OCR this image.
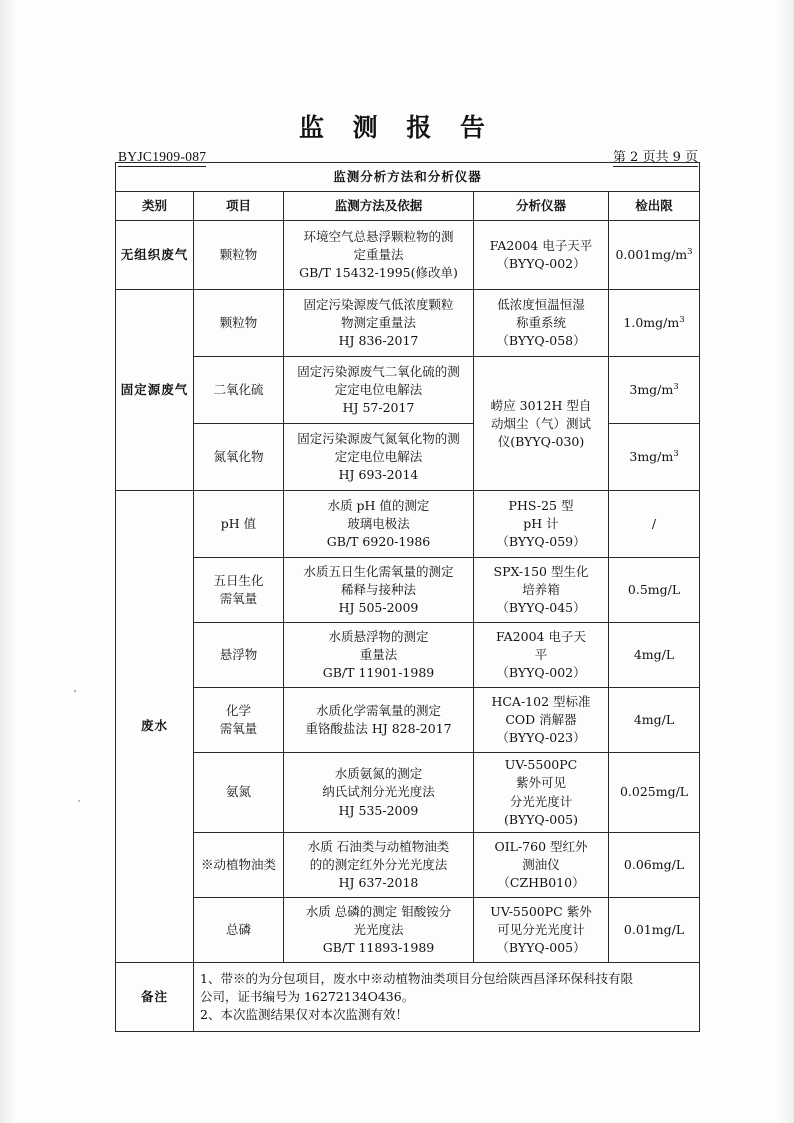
监 测 报 告
BYJC1909-087	第 2 页共 9 页
监测分析方法和分析仪器				
类别	项目	监测方法及依据	分析仪器	检出限

无组织废气	颗粒物	环境空气总悬浮颗粒物的测
定重量法
GB/T 15432-1995(修改单)	FA2004 电子天平
（BYYQ-002）	$0.001mg/m^3$

固定源废气	颗粒物	固定污染源废气低浓度颗粒
物测定重量法
HJ 836-2017	低浓度恒温恒湿
称重系统
（BYYQ-058）	$1.0mg/m^3$

	二氧化硫	固定污染源废气二氧化硫的测
定定电位电解法
HJ 57-2017	崂应 3012H 型自
动烟尘（气）测试
仪(BYYQ-030)	$3mg/m^3$

	氮氧化物	固定污染源废气氮氧化物的测
定定电位电解法
HJ 693-2014		$3mg/m^3$

废水	pH 值	水质 pH 值的测定
玻璃电极法
GB/T 6920-1986	PHS-25 型
pH 计
（BYYQ-059）	/

	五日生化
需氧量	水质五日生化需氧量的测定
稀释与接种法
HJ 505-2009	SPX-150 型生化
培养箱
（BYYQ-045）	0.5mg/L

	悬浮物	水质悬浮物的测定
重量法
GB/T 11901-1989	FA2004 电子天
平
（BYYQ-002）	4mg/L

	化学
需氧量	水质化学需氧量的测定
重铬酸盐法 HJ 828-2017	HCA-102 型标准
COD 消解器
（BYYQ-023）	4mg/L

	氨氮	水质氨氮的测定
纳氏试剂分光光度法
HJ 535-2009	UV-5500PC
紫外可见
分光光度计
(BYYQ-005)	0.025mg/L

	※动植物油类	水质 石油类与动植物油类
的的测定红外分光光度法
HJ 637-2018	OIL-760 型红外
测油仪
（CZHB010）	0.06mg/L

	总磷	水质 总磷的测定 钼酸铵分
光光度法
GB/T 11893-1989	UV-5500PC 紫外
可见分光光度计
（BYYQ-005）	0.01mg/L
备注	1、带※的为分包项目，废水中※动植物油类项目分包给陕西昌泽环保科技有限
公司，证书编号为 16272134O436。
2、本次监测结果仅对本次监测有效！			
